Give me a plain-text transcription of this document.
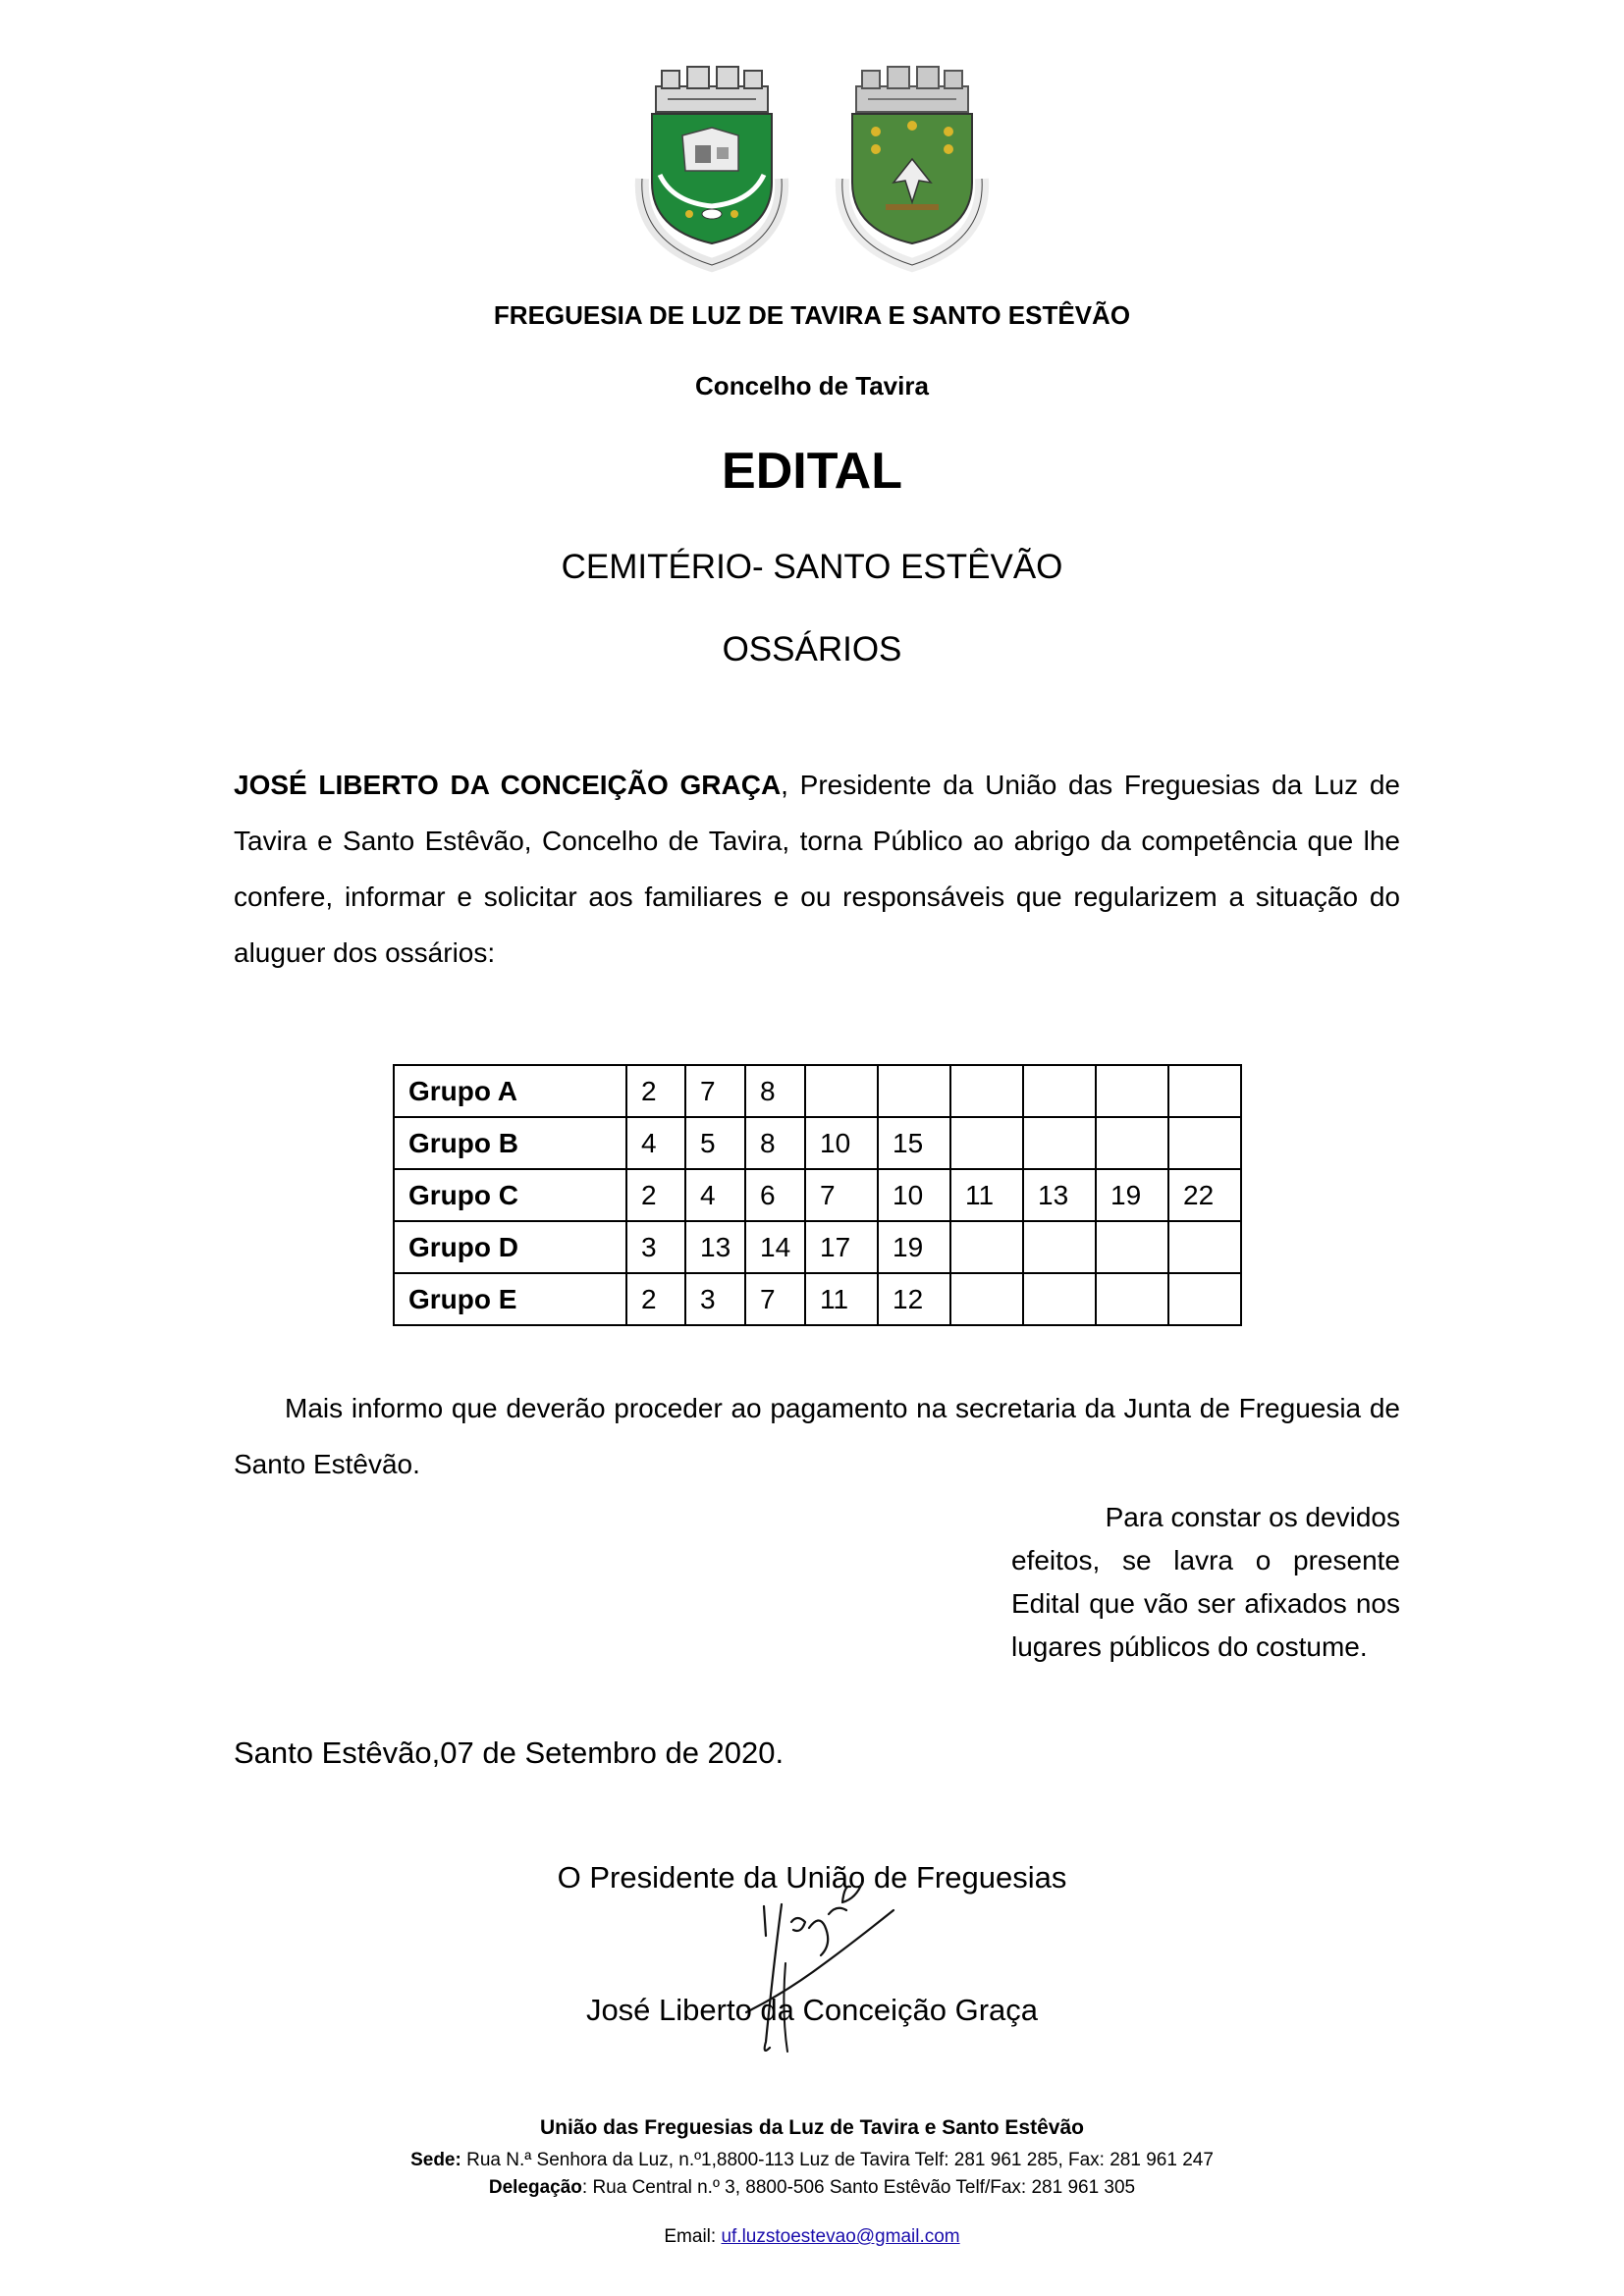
FREGUESIA DE LUZ DE TAVIRA E SANTO ESTÊVÃO
Concelho de Tavira
EDITAL
CEMITÉRIO- SANTO ESTÊVÃO
OSSÁRIOS
JOSÉ LIBERTO DA CONCEIÇÃO GRAÇA, Presidente da União das Freguesias da Luz de Tavira e Santo Estêvão, Concelho de Tavira, torna Público ao abrigo da competência que lhe confere, informar e solicitar aos familiares e ou responsáveis que regularizem a situação do aluguer dos ossários:
Grupo A	2	7	8						
Grupo B	4	5	8	10	15				
Grupo C	2	4	6	7	10	11	13	19	22
Grupo D	3	13	14	17	19				
Grupo E	2	3	7	11	12				
Mais informo que deverão proceder ao pagamento na secretaria da Junta de Freguesia de Santo Estêvão.
Para constar os devidos
efeitos, se lavra o presente Edital que vão ser afixados nos lugares públicos do costume.
Santo Estêvão,07 de Setembro de 2020.
O Presidente da União de Freguesias
José Liberto da Conceição Graça
União das Freguesias da Luz de Tavira e Santo Estêvão
Sede: Rua N.ª Senhora da Luz, n.º1,8800-113 Luz de Tavira Telf: 281 961 285, Fax: 281 961 247
Delegação: Rua Central n.º 3, 8800-506 Santo Estêvão Telf/Fax: 281 961 305
Email: uf.luzstoestevao@gmail.com
